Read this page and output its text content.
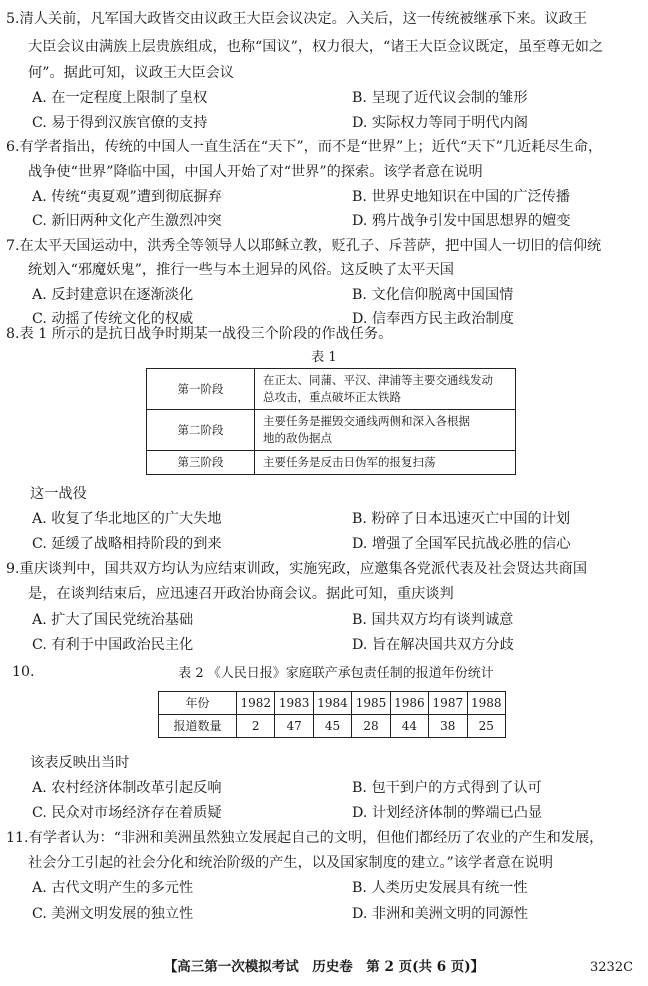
5.清人关前，凡军国大政皆交由议政王大臣会议决定。入关后，这一传统被继承下来。议政王
大臣会议由满族上层贵族组成，也称“国议”，权力很大，“诸王大臣佥议既定，虽至尊无如之
何”。据此可知，议政王大臣会议
A. 在一定程度上限制了皇权	B. 呈现了近代议会制的雏形
C. 易于得到汉族官僚的支持	D. 实际权力等同于明代内阁
6.有学者指出，传统的中国人一直生活在“天下”，而不是“世界”上；近代“天下”几近耗尽生命，
战争使“世界”降临中国，中国人开始了对“世界”的探索。该学者意在说明
A. 传统“夷夏观”遭到彻底摒弃	B. 世界史地知识在中国的广泛传播
C. 新旧两种文化产生激烈冲突	D. 鸦片战争引发中国思想界的嬗变
7.在太平天国运动中，洪秀全等领导人以耶稣立教，贬孔子、斥菩萨，把中国人一切旧的信仰统
统划入“邪魔妖鬼”，推行一些与本土迥异的风俗。这反映了太平天国
A. 反封建意识在逐渐淡化	B. 文化信仰脱离中国国情
C. 动摇了传统文化的权威	D. 信奉西方民主政治制度
8.表 1 所示的是抗日战争时期某一战役三个阶段的作战任务。
表 1
第一阶段	在正太、同蒲、平汉、津浦等主要交通线发动
总攻击，重点破坏正太铁路

第二阶段	主要任务是摧毁交通线两侧和深入各根据
地的敌伪据点

第三阶段	主要任务是反击日伪军的报复扫荡
这一战役
A. 收复了华北地区的广大失地	B. 粉碎了日本迅速灭亡中国的计划
C. 延缓了战略相持阶段的到来	D. 增强了全国军民抗战必胜的信心
9.重庆谈判中，国共双方均认为应结束训政，实施宪政，应邀集各党派代表及社会贤达共商国
是，在谈判结束后，应迅速召开政治协商会议。据此可知，重庆谈判
A. 扩大了国民党统治基础	B. 国共双方均有谈判诚意
C. 有利于中国政治民主化	D. 旨在解决国共双方分歧
10.	表 2 《人民日报》家庭联产承包责任制的报道年份统计
年份	1982	1983	1984	1985	1986	1987	1988
报道数量	2	47	45	28	44	38	25
该表反映出当时
A. 农村经济体制改革引起反响	B. 包干到户的方式得到了认可
C. 民众对市场经济存在着质疑	D. 计划经济体制的弊端已凸显
11.有学者认为：“非洲和美洲虽然独立发展起自己的文明，但他们都经历了农业的产生和发展，
社会分工引起的社会分化和统治阶级的产生，以及国家制度的建立。”该学者意在说明
A. 古代文明产生的多元性	B. 人类历史发展具有统一性
C. 美洲文明发展的独立性	D. 非洲和美洲文明的同源性
【高三第一次模拟考试　历史卷　第 2 页(共 6 页)】	3232C
